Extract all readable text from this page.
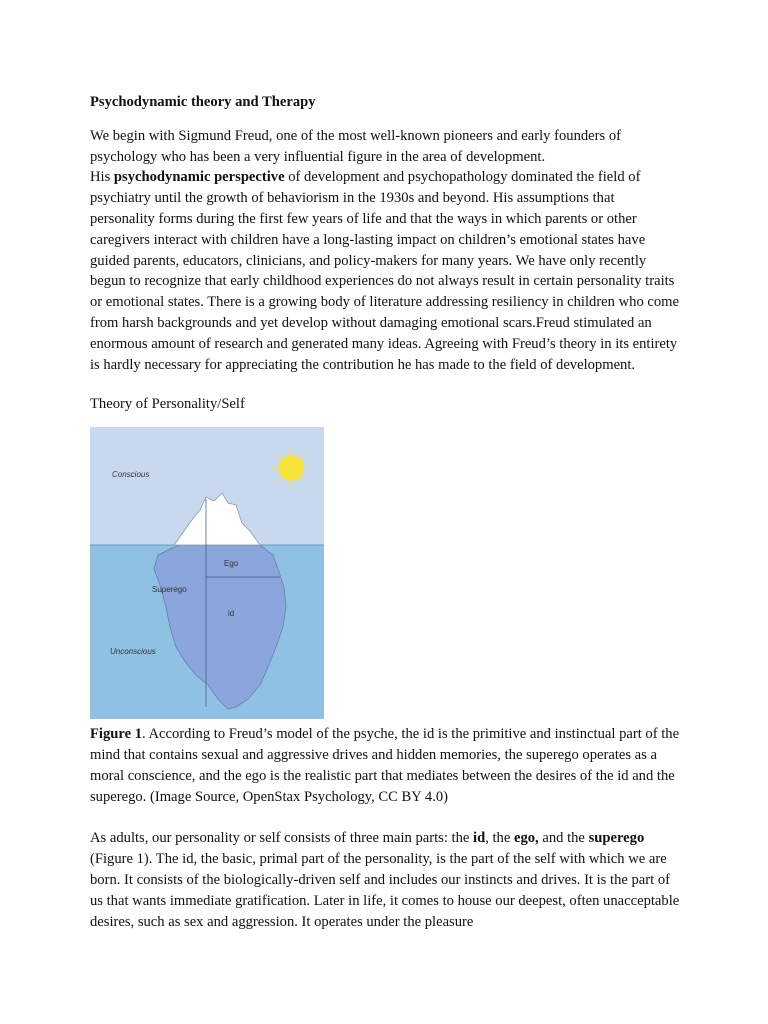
Psychodynamic theory and Therapy

We begin with Sigmund Freud, one of the most well-known pioneers and early founders of psychology who has been a very influential figure in the area of development.

His psychodynamic perspective of development and psychopathology dominated the field of psychiatry until the growth of behaviorism in the 1930s and beyond. His assumptions that personality forms during the first few years of life and that the ways in which parents or other caregivers interact with children have a long-lasting impact on children’s emotional states have guided parents, educators, clinicians, and policy-makers for many years. We have only recently begun to recognize that early childhood experiences do not always result in certain personality traits or emotional states. There is a growing body of literature addressing resiliency in children who come from harsh backgrounds and yet develop without damaging emotional scars.Freud stimulated an enormous amount of research and generated many ideas. Agreeing with Freud’s theory in its entirety is hardly necessary for appreciating the contribution he has made to the field of development.

Theory of Personality/Self

Conscious
Ego
Superego
id
Unconscious

Figure 1. According to Freud’s model of the psyche, the id is the primitive and instinctual part of the mind that contains sexual and aggressive drives and hidden memories, the superego operates as a moral conscience, and the ego is the realistic part that mediates between the desires of the id and the superego. (Image Source, OpenStax Psychology, CC BY 4.0)

As adults, our personality or self consists of three main parts: the id, the ego, and the superego (Figure 1). The id, the basic, primal part of the personality, is the part of the self with which we are born. It consists of the biologically-driven self and includes our instincts and drives. It is the part of us that wants immediate gratification. Later in life, it comes to house our deepest, often unacceptable desires, such as sex and aggression. It operates under the pleasure
